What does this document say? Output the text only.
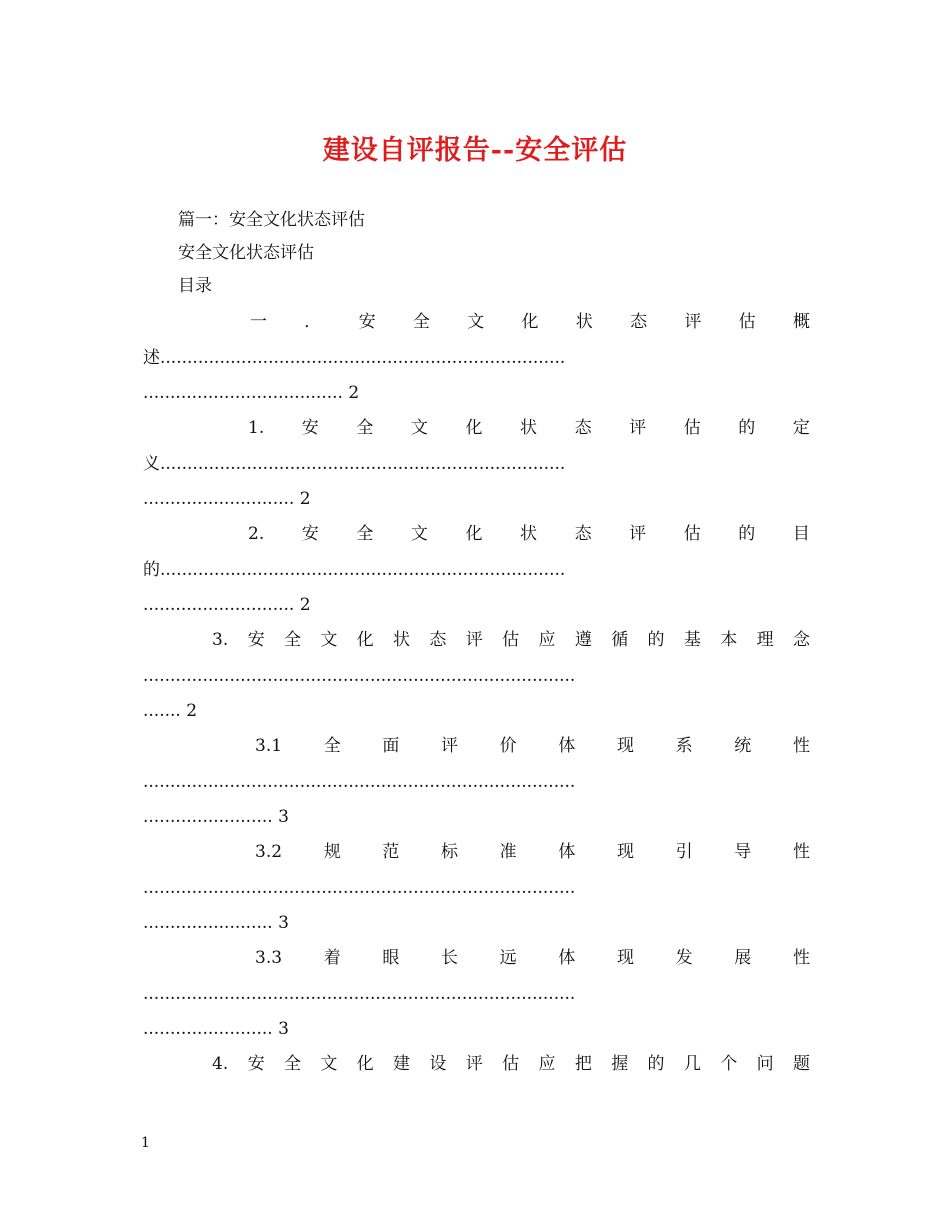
建设自评报告--安全评估
篇一：安全文化状态评估
安全文化状态评估
目录
一 ． 安 全 文 化 状 态 评 估 概
述...........................................................................
..................................... 2
1. 安 全 文 化 状 态 评 估 的 定
义...........................................................................
............................ 2
2. 安 全 文 化 状 态 评 估 的 目
的...........................................................................
............................ 2
3. 安 全 文 化 状 态 评 估 应 遵 循 的 基 本 理 念
................................................................................
....... 2
3.1 全 面 评 价 体 现 系 统 性
................................................................................
........................ 3
3.2 规 范 标 准 体 现 引 导 性
................................................................................
........................ 3
3.3 着 眼 长 远 体 现 发 展 性
................................................................................
........................ 3
4. 安 全 文 化 建 设 评 估 应 把 握 的 几 个 问 题
1
